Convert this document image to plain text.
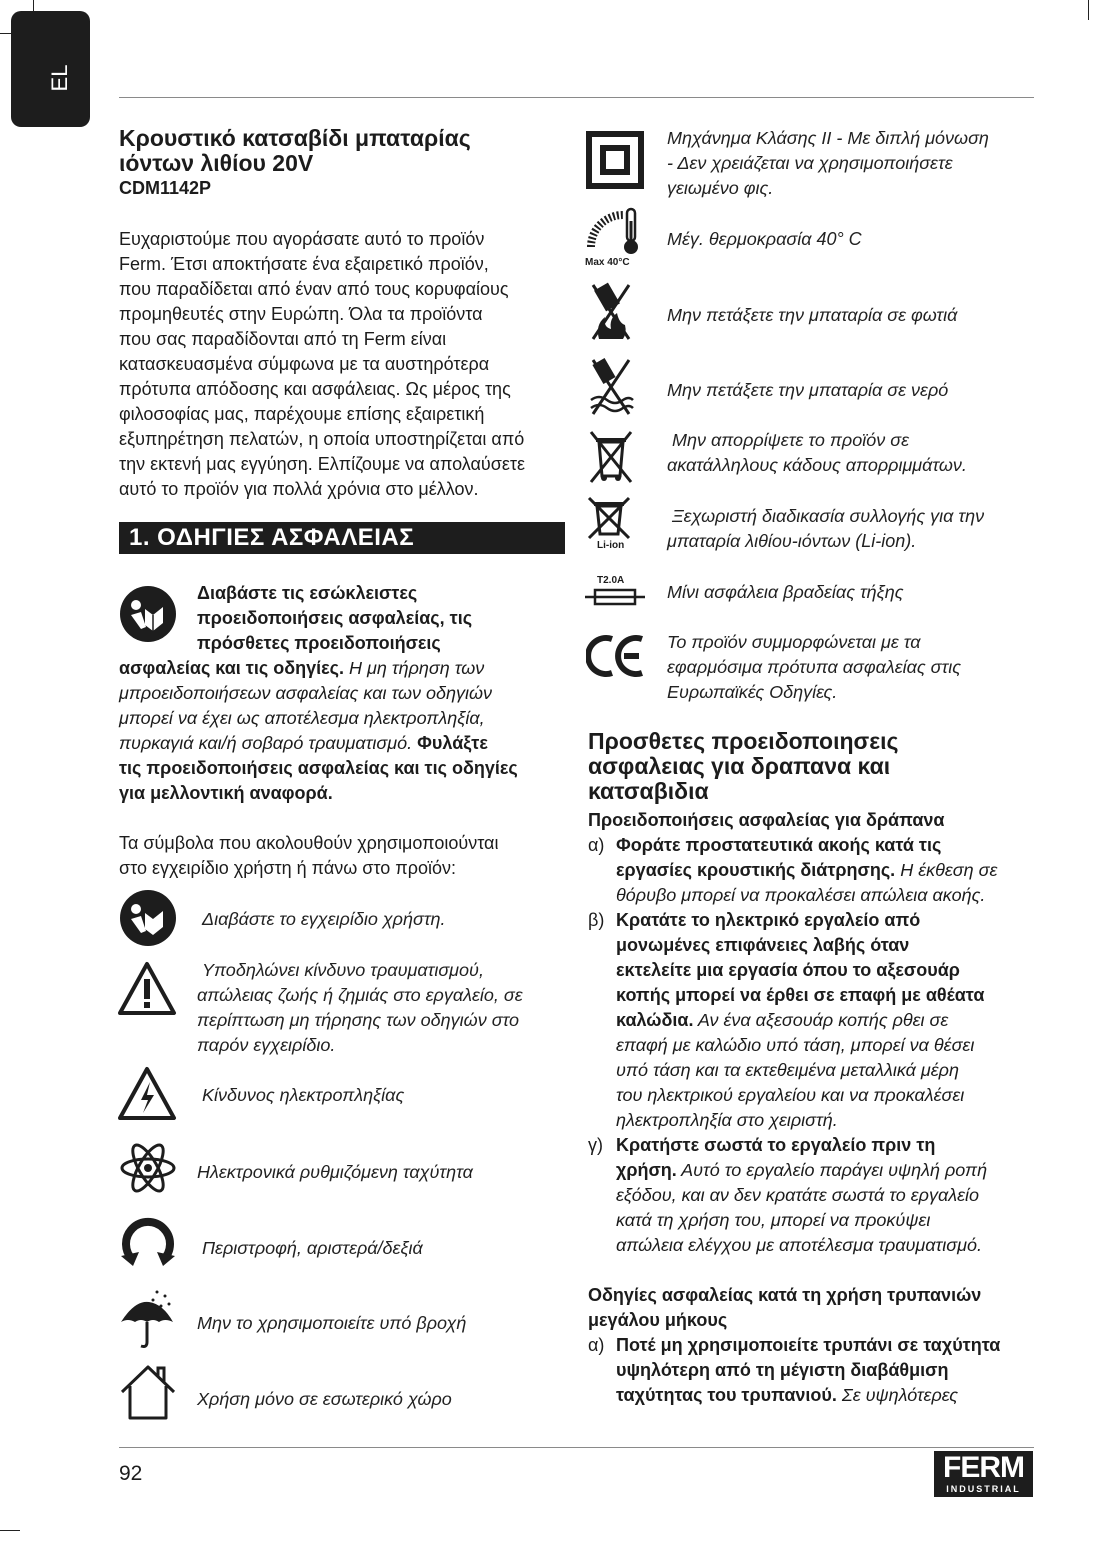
EL
Κρουστικό κατσαβίδι μπαταρίας
ιόντων λιθίου 20V
CDM1142P
Ευχαριστούμε που αγοράσατε αυτό το προϊόν
Ferm. Έτσι αποκτήσατε ένα εξαιρετικό προϊόν,
που παραδίδεται από έναν από τους κορυφαίους
προμηθευτές στην Ευρώπη. Όλα τα προϊόντα
που σας παραδίδονται από τη Ferm είναι
κατασκευασμένα σύμφωνα με τα αυστηρότερα
πρότυπα απόδοσης και ασφάλειας. Ως μέρος της
φιλοσοφίας μας, παρέχουμε επίσης εξαιρετική
εξυπηρέτηση πελατών, η οποία υποστηρίζεται από
την εκτενή μας εγγύηση. Ελπίζουμε να απολαύσετε
αυτό το προϊόν για πολλά χρόνια στο μέλλον.
1. ΟΔΗΓΙΕΣ ΑΣΦΑΛΕΙΑΣ
Διαβάστε τις εσώκλειστες
προειδοποιήσεις ασφαλείας, τις
πρόσθετες προειδοποιήσεις
ασφαλείας και τις οδηγίες. Η μη τήρηση των
μπροειδοποιήσεων ασφαλείας και των οδηγιών
μπορεί να έχει ως αποτέλεσμα ηλεκτροπληξία,
πυρκαγιά και/ή σοβαρό τραυματισμό. Φυλάξτε
τις προειδοποιήσεις ασφαλείας και τις οδηγίες
για μελλοντική αναφορά.
Τα σύμβολα που ακολουθούν χρησιμοποιούνται
στο εγχειρίδιο χρήστη ή πάνω στο προϊόν:
Διαβάστε το εγχειρίδιο χρήστη.
Υποδηλώνει κίνδυνο τραυματισμού,
απώλειας ζωής ή ζημιάς στο εργαλείο, σε
περίπτωση μη τήρησης των οδηγιών στο
παρόν εγχειρίδιο.
Κίνδυνος ηλεκτροπληξίας
Ηλεκτρονικά ρυθμιζόμενη ταχύτητα
Περιστροφή, αριστερά/δεξιά
Μην το χρησιμοποιείτε υπό βροχή
Χρήση μόνο σε εσωτερικό χώρο
Μηχάνημα Κλάσης ΙΙ - Με διπλή μόνωση
- Δεν χρειάζεται να χρησιμοποιήσετε
γειωμένο φις.
Max 40°C
Μέγ. θερμοκρασία 40° C
Μην πετάξετε την μπαταρία σε φωτιά
Μην πετάξετε την μπαταρία σε νερό
Μην απορρίψετε το προϊόν σε
ακατάλληλους κάδους απορριμμάτων.
Li-ion
Ξεχωριστή διαδικασία συλλογής για την
μπαταρία λιθίου-ιόντων (Li-ion).
T2.0A
Μίνι ασφάλεια βραδείας τήξης
Το προϊόν συμμορφώνεται με τα
εφαρμόσιμα πρότυπα ασφαλείας στις
Ευρωπαϊκές Οδηγίες.
Προσθετες προειδοποιησεις
ασφαλειας για δραπανα και
κατσαβιδια
Προειδοποιήσεις ασφαλείας για δράπανα
α) Φοράτε προστατευτικά ακοής κατά τις
εργασίες κρουστικής διάτρησης. Η έκθεση σε
θόρυβο μπορεί να προκαλέσει απώλεια ακοής.
β) Κρατάτε το ηλεκτρικό εργαλείο από
μονωμένες επιφάνειες λαβής όταν
εκτελείτε μια εργασία όπου το αξεσουάρ
κοπής μπορεί να έρθει σε επαφή με αθέατα
καλώδια. Αν ένα αξεσουάρ κοπής ρθει σε
επαφή με καλώδιο υπό τάση, μπορεί να θέσει
υπό τάση και τα εκτεθειμένα μεταλλικά μέρη
του ηλεκτρικού εργαλείου και να προκαλέσει
ηλεκτροπληξία στο χειριστή.
γ) Κρατήστε σωστά το εργαλείο πριν τη
χρήση. Αυτό το εργαλείο παράγει υψηλή ροπή
εξόδου, και αν δεν κρατάτε σωστά το εργαλείο
κατά τη χρήση του, μπορεί να προκύψει
απώλεια ελέγχου με αποτέλεσμα τραυματισμό.
Οδηγίες ασφαλείας κατά τη χρήση τρυπανιών
μεγάλου μήκους
α) Ποτέ μη χρησιμοποιείτε τρυπάνι σε ταχύτητα
υψηλότερη από τη μέγιστη διαβάθμιση
ταχύτητας του τρυπανιού. Σε υψηλότερες
92	FERM
INDUSTRIAL
